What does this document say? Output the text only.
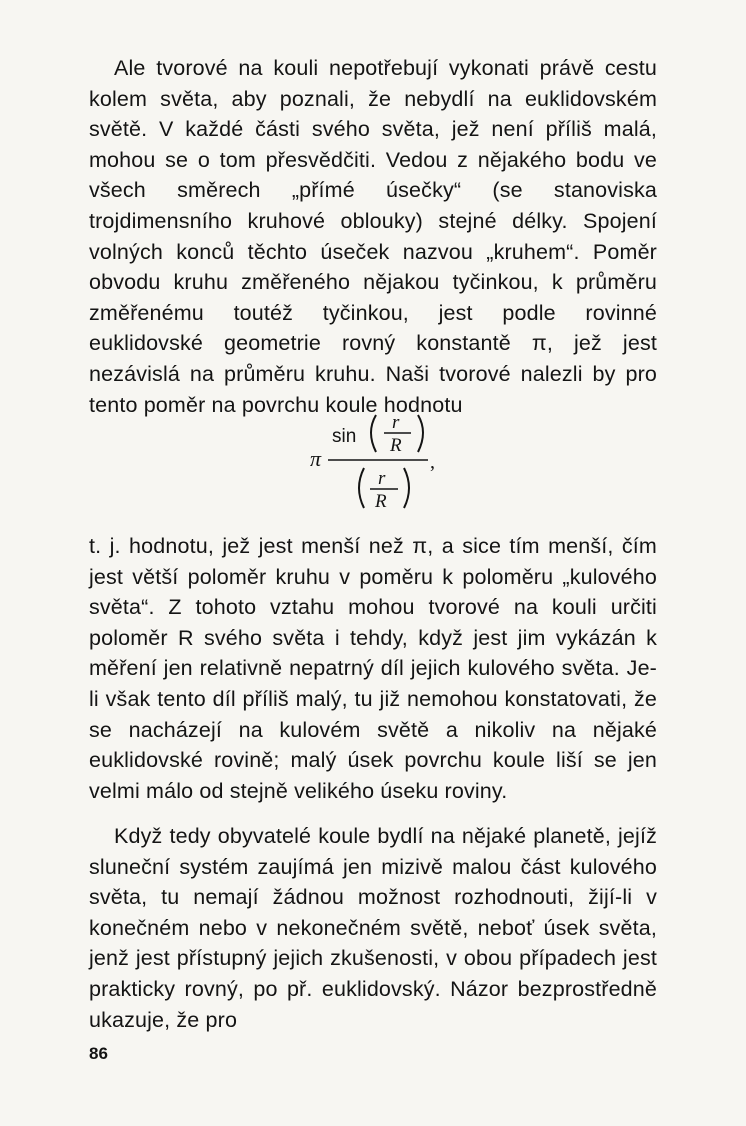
Ale tvorové na kouli nepotřebují vykonati právě cestu kolem světa, aby poznali, že nebydlí na euklidovském světě. V každé části svého světa, jež není příliš malá, mohou se o tom přesvědčiti. Vedou z nějakého bodu ve všech směrech „přímé úsečky“ (se stanoviska trojdimensního kruhové oblouky) stejné délky. Spojení volných konců těchto úseček nazvou „kruhem“. Poměr obvodu kruhu změřeného nějakou tyčinkou, k průměru změřenému toutéž tyčinkou, jest podle rovinné euklidovské geometrie rovný konstantě π, jež jest nezávislá na průměru kruhu. Naši tvorové nalezli by pro tento poměr na povrchu koule hodnotu

π
sin
r
R
r
R
,

t. j. hodnotu, jež jest menší než π, a sice tím menší, čím jest větší poloměr kruhu v poměru k poloměru „kulového světa“. Z tohoto vztahu mohou tvorové na kouli určiti poloměr R svého světa i tehdy, když jest jim vykázán k měření jen relativně nepatrný díl jejich kulového světa. Je-li však tento díl příliš malý, tu již nemohou konstatovati, že se nacházejí na kulovém světě a nikoliv na nějaké euklidovské rovině; malý úsek povrchu koule liší se jen velmi málo od stejně velikého úseku roviny.

Když tedy obyvatelé koule bydlí na nějaké planetě, jejíž sluneční systém zaujímá jen mizivě malou část kulového světa, tu nemají žádnou možnost rozhodnouti, žijí-li v konečném nebo v nekonečném světě, neboť úsek světa, jenž jest přístupný jejich zkušenosti, v obou případech jest prakticky rovný, po př. euklidovský. Názor bezprostředně ukazuje, že pro

86
